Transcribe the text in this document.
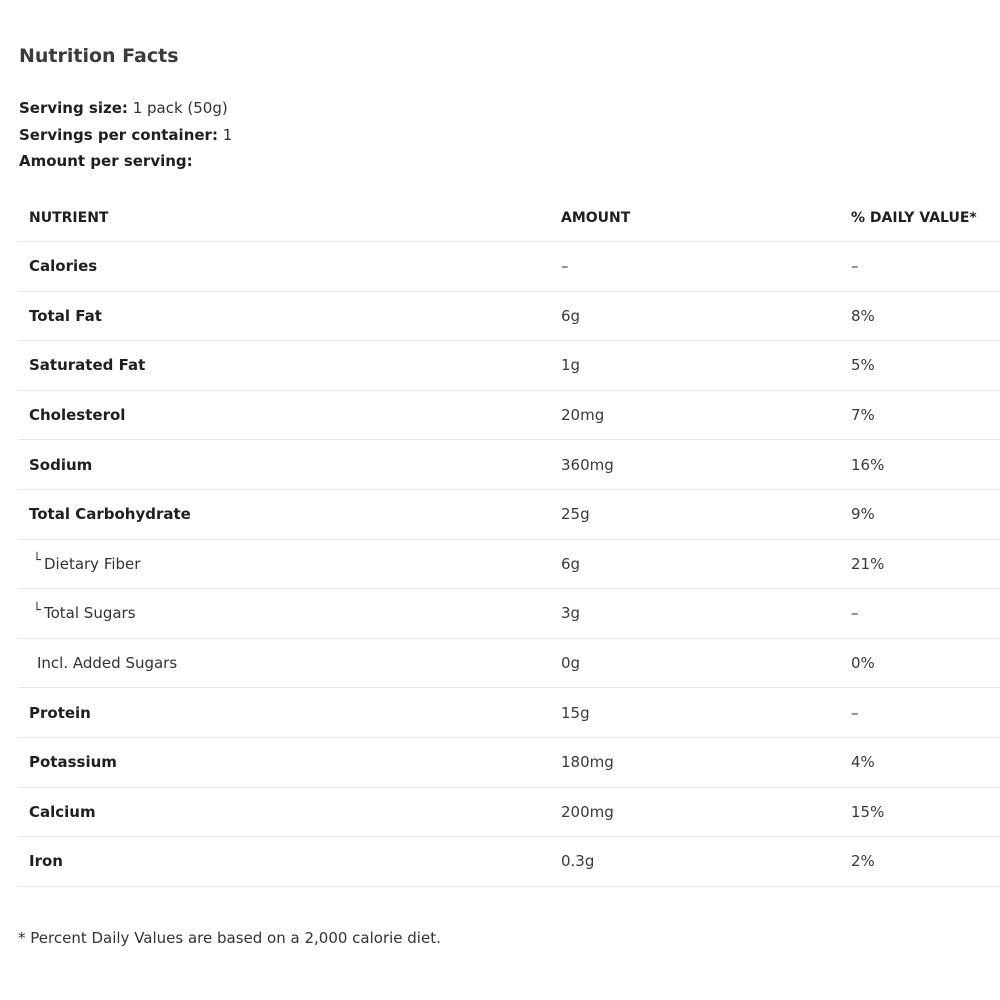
Nutrition Facts
Serving size: 1 pack (50g)
Servings per container: 1
Amount per serving:
NUTRIENT	AMOUNT	% DAILY VALUE*
Calories	–	–
Total Fat	6g	8%
Saturated Fat	1g	5%
Cholesterol	20mg	7%
Sodium	360mg	16%
Total Carbohydrate	25g	9%
└ Dietary Fiber	6g	21%
└ Total Sugars	3g	–
Incl. Added Sugars	0g	0%
Protein	15g	–
Potassium	180mg	4%
Calcium	200mg	15%
Iron	0.3g	2%
* Percent Daily Values are based on a 2,000 calorie diet.
